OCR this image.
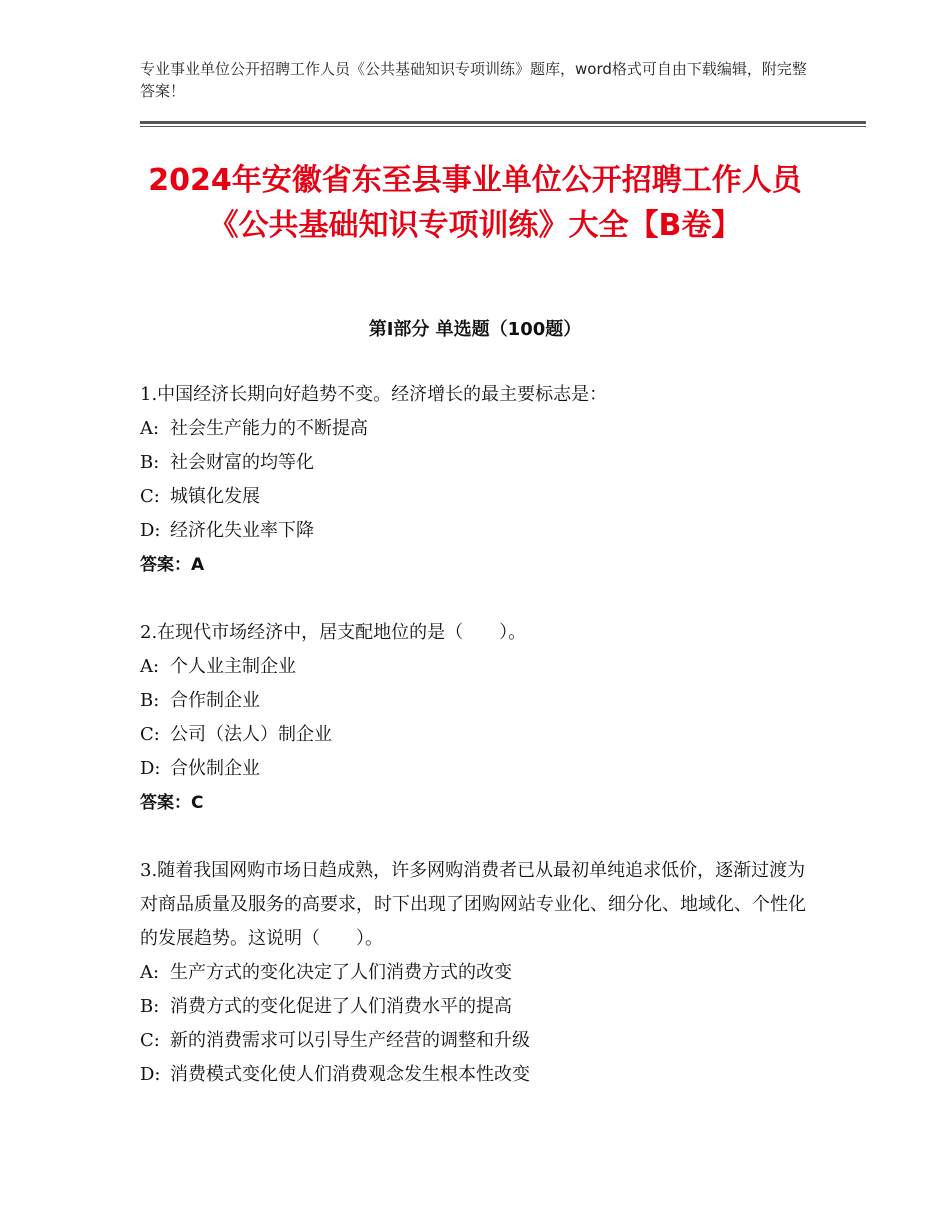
专业事业单位公开招聘工作人员《公共基础知识专项训练》题库，word格式可自由下载编辑，附完整答案！
2024年安徽省东至县事业单位公开招聘工作人员《公共基础知识专项训练》大全【B卷】
第Ⅰ部分 单选题（100题）
1.中国经济长期向好趋势不变。经济增长的最主要标志是：
A: 社会生产能力的不断提高
B: 社会财富的均等化
C: 城镇化发展
D: 经济化失业率下降
答案：A
2.在现代市场经济中，居支配地位的是（　　）。
A: 个人业主制企业
B: 合作制企业
C: 公司（法人）制企业
D: 合伙制企业
答案：C
3.随着我国网购市场日趋成熟，许多网购消费者已从最初单纯追求低价，逐渐过渡为对商品质量及服务的高要求，时下出现了团购网站专业化、细分化、地域化、个性化的发展趋势。这说明（　　）。
A: 生产方式的变化决定了人们消费方式的改变
B: 消费方式的变化促进了人们消费水平的提高
C: 新的消费需求可以引导生产经营的调整和升级
D: 消费模式变化使人们消费观念发生根本性改变
